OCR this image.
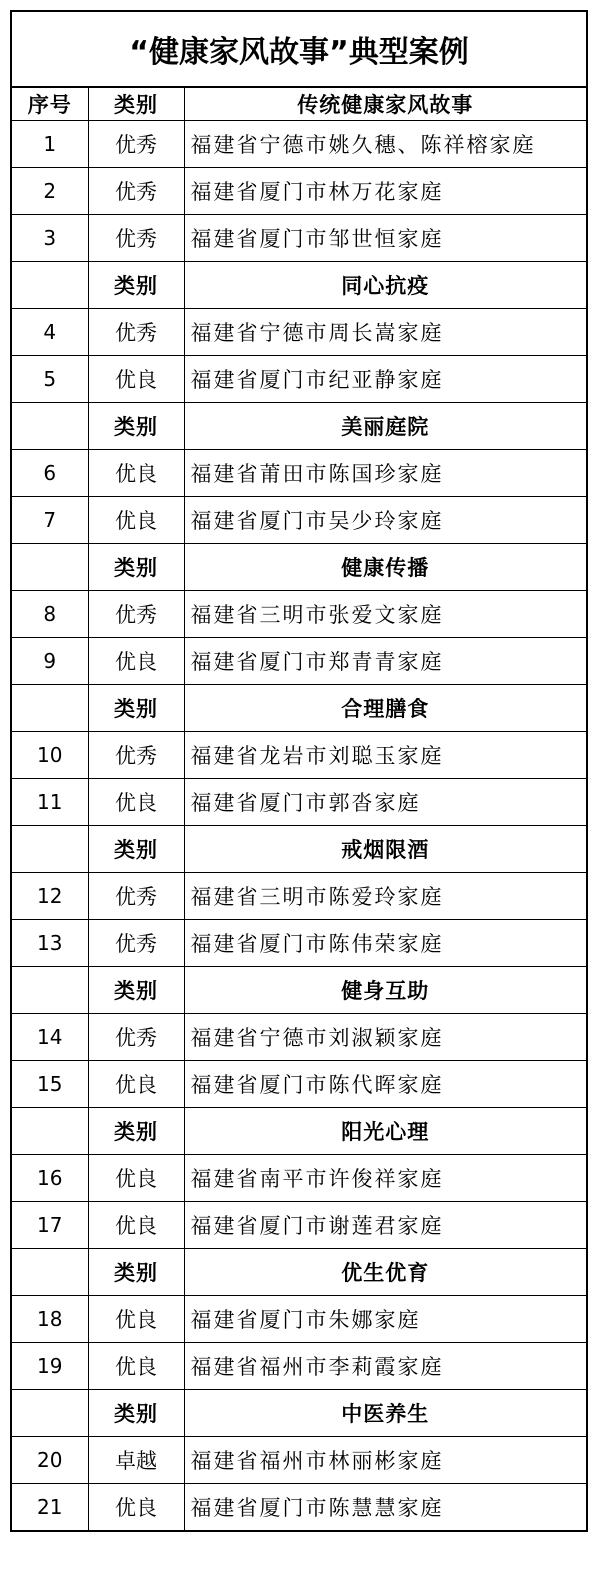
“健康家风故事”典型案例
序号	类别	传统健康家风故事
1	优秀	福建省宁德市姚久穗、陈祥榕家庭
2	优秀	福建省厦门市林万花家庭
3	优秀	福建省厦门市邹世恒家庭
	类别	同心抗疫
4	优秀	福建省宁德市周长嵩家庭
5	优良	福建省厦门市纪亚静家庭
	类别	美丽庭院
6	优良	福建省莆田市陈国珍家庭
7	优良	福建省厦门市吴少玲家庭
	类别	健康传播
8	优秀	福建省三明市张爱文家庭
9	优良	福建省厦门市郑青青家庭
	类别	合理膳食
10	优秀	福建省龙岩市刘聪玉家庭
11	优良	福建省厦门市郭沓家庭
	类别	戒烟限酒
12	优秀	福建省三明市陈爱玲家庭
13	优秀	福建省厦门市陈伟荣家庭
	类别	健身互助
14	优秀	福建省宁德市刘淑颖家庭
15	优良	福建省厦门市陈代晖家庭
	类别	阳光心理
16	优良	福建省南平市许俊祥家庭
17	优良	福建省厦门市谢莲君家庭
	类别	优生优育
18	优良	福建省厦门市朱娜家庭
19	优良	福建省福州市李莉霞家庭
	类别	中医养生
20	卓越	福建省福州市林丽彬家庭
21	优良	福建省厦门市陈慧慧家庭
